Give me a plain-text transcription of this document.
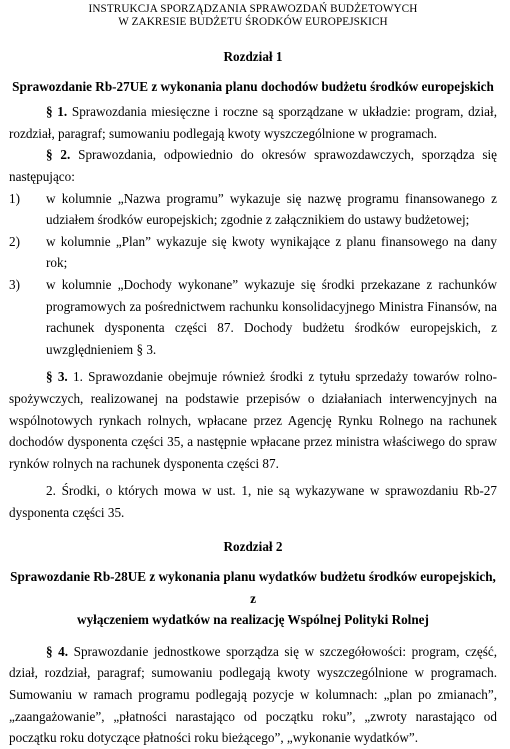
INSTRUKCJA SPORZĄDZANIA SPRAWOZDAŃ BUDŻETOWYCH
W ZAKRESIE BUDŻETU ŚRODKÓW EUROPEJSKICH
Rozdział 1
Sprawozdanie Rb-27UE z wykonania planu dochodów budżetu środków europejskich

§ 1. Sprawozdania miesięczne i roczne są sporządzane w układzie: program, dział, rozdział, paragraf; sumowaniu podlegają kwoty wyszczególnione w programach.

§ 2. Sprawozdania, odpowiednio do okresów sprawozdawczych, sporządza się następująco:

1)	w kolumnie „Nazwa programu” wykazuje się nazwę programu finansowanego z udziałem środków europejskich; zgodnie z załącznikiem do ustawy budżetowej;
2)	w kolumnie „Plan” wykazuje się kwoty wynikające z planu finansowego na dany rok;
3)	w kolumnie „Dochody wykonane” wykazuje się środki przekazane z rachunków programowych za pośrednictwem rachunku konsolidacyjnego Ministra Finansów, na rachunek dysponenta części 87. Dochody budżetu środków europejskich, z uwzględnieniem § 3.

§ 3. 1. Sprawozdanie obejmuje również środki z tytułu sprzedaży towarów rolno-spożywczych, realizowanej na podstawie przepisów o działaniach interwencyjnych na wspólnotowych rynkach rolnych, wpłacane przez Agencję Rynku Rolnego na rachunek dochodów dysponenta części 35, a następnie wpłacane przez ministra właściwego do spraw rynków rolnych na rachunek dysponenta części 87.

2. Środki, o których mowa w ust. 1, nie są wykazywane w sprawozdaniu Rb-27 dysponenta części 35.

Rozdział 2
Sprawozdanie Rb-28UE z wykonania planu wydatków budżetu środków europejskich, z
wyłączeniem wydatków na realizację Wspólnej Polityki Rolnej

§ 4. Sprawozdanie jednostkowe sporządza się w szczegółowości: program, część, dział, rozdział, paragraf; sumowaniu podlegają kwoty wyszczególnione w programach. Sumowaniu w ramach programu podlegają pozycje w kolumnach: „plan po zmianach”, „zaangażowanie”, „płatności narastająco od początku roku”, „zwroty narastająco od początku roku dotyczące płatności roku bieżącego”, „wykonanie wydatków”.
